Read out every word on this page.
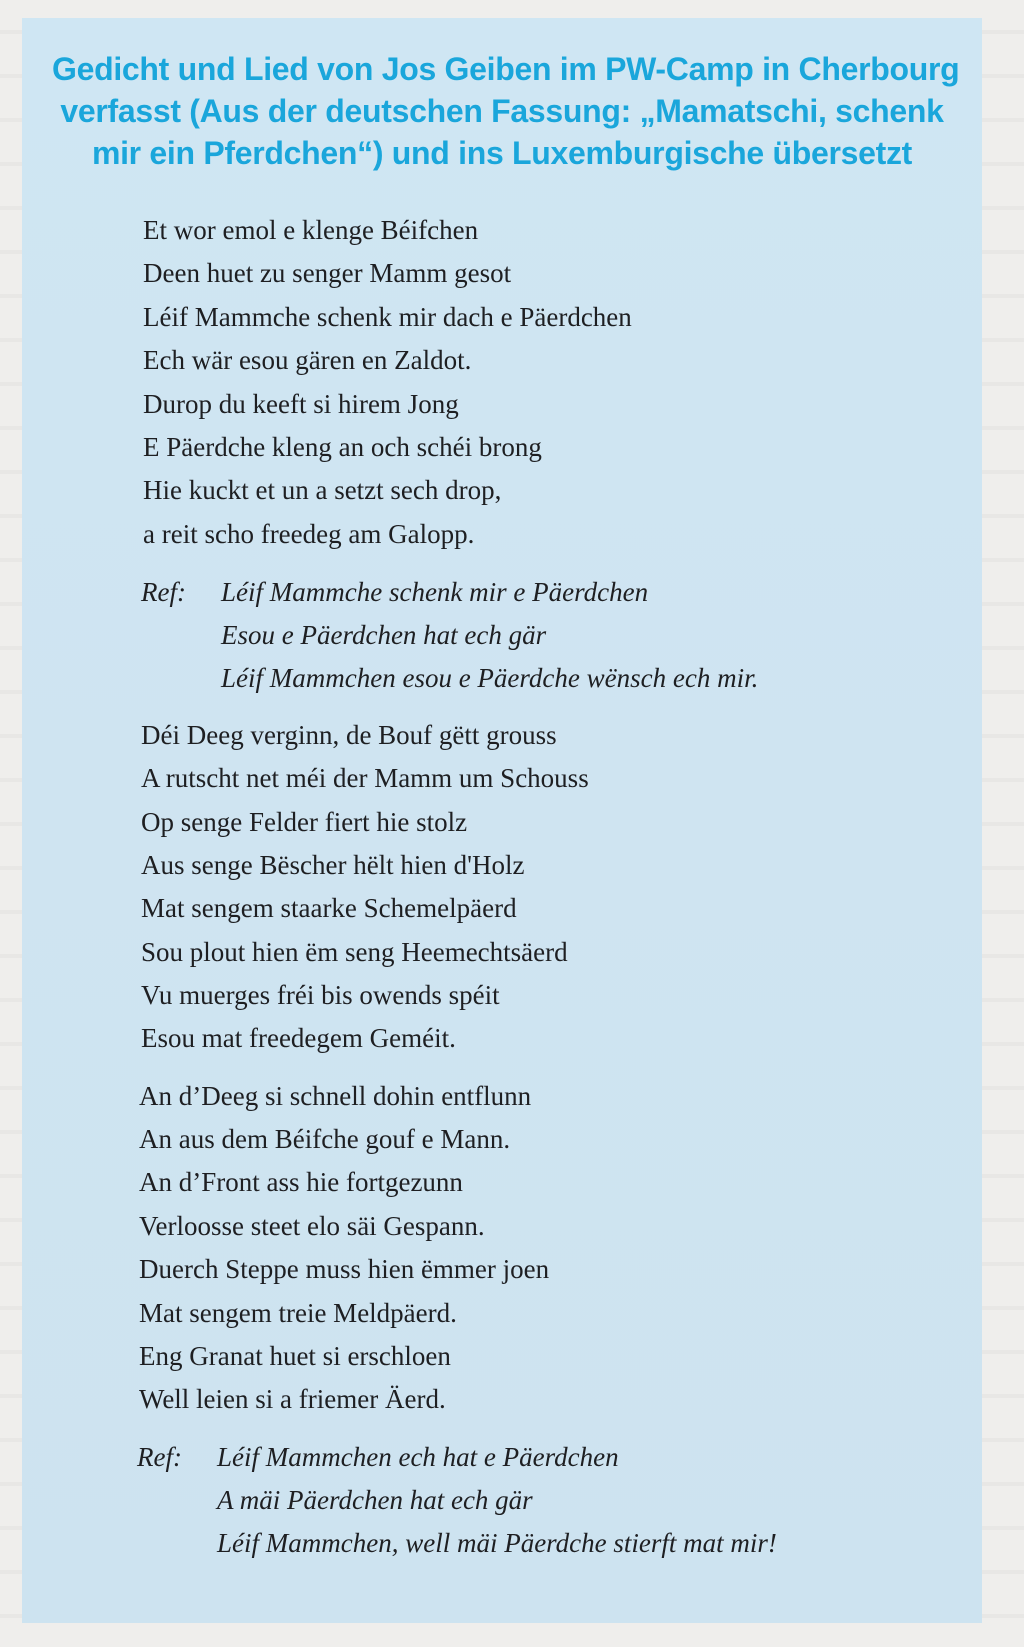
Gedicht und Lied von Jos Geiben im PW-Camp in Cherbourg
verfasst (Aus der deutschen Fassung: „Mamatschi, schenk
mir ein Pferdchen“) und ins Luxemburgische übersetzt
Et wor emol e klenge Béifchen
Deen huet zu senger Mamm gesot
Léif Mammche schenk mir dach e Päerdchen
Ech wär esou gären en Zaldot.
Durop du keeft si hirem Jong
E Päerdche kleng an och schéi brong
Hie kuckt et un a setzt sech drop,
a reit scho freedeg am Galopp.
Ref: Léif Mammche schenk mir e Päerdchen
Esou e Päerdchen hat ech gär
Léif Mammchen esou e Päerdche wënsch ech mir.
Déi Deeg verginn, de Bouf gëtt grouss
A rutscht net méi der Mamm um Schouss
Op senge Felder fiert hie stolz
Aus senge Bëscher hëlt hien d'Holz
Mat sengem staarke Schemelpäerd
Sou plout hien ëm seng Heemechtsäerd
Vu muerges fréi bis owends spéit
Esou mat freedegem Geméit.
An d’Deeg si schnell dohin entflunn
An aus dem Béifche gouf e Mann.
An d’Front ass hie fortgezunn
Verloosse steet elo säi Gespann.
Duerch Steppe muss hien ëmmer joen
Mat sengem treie Meldpäerd.
Eng Granat huet si erschloen
Well leien si a friemer Äerd.
Ref: Léif Mammchen ech hat e Päerdchen
A mäi Päerdchen hat ech gär
Léif Mammchen, well mäi Päerdche stierft mat mir!
